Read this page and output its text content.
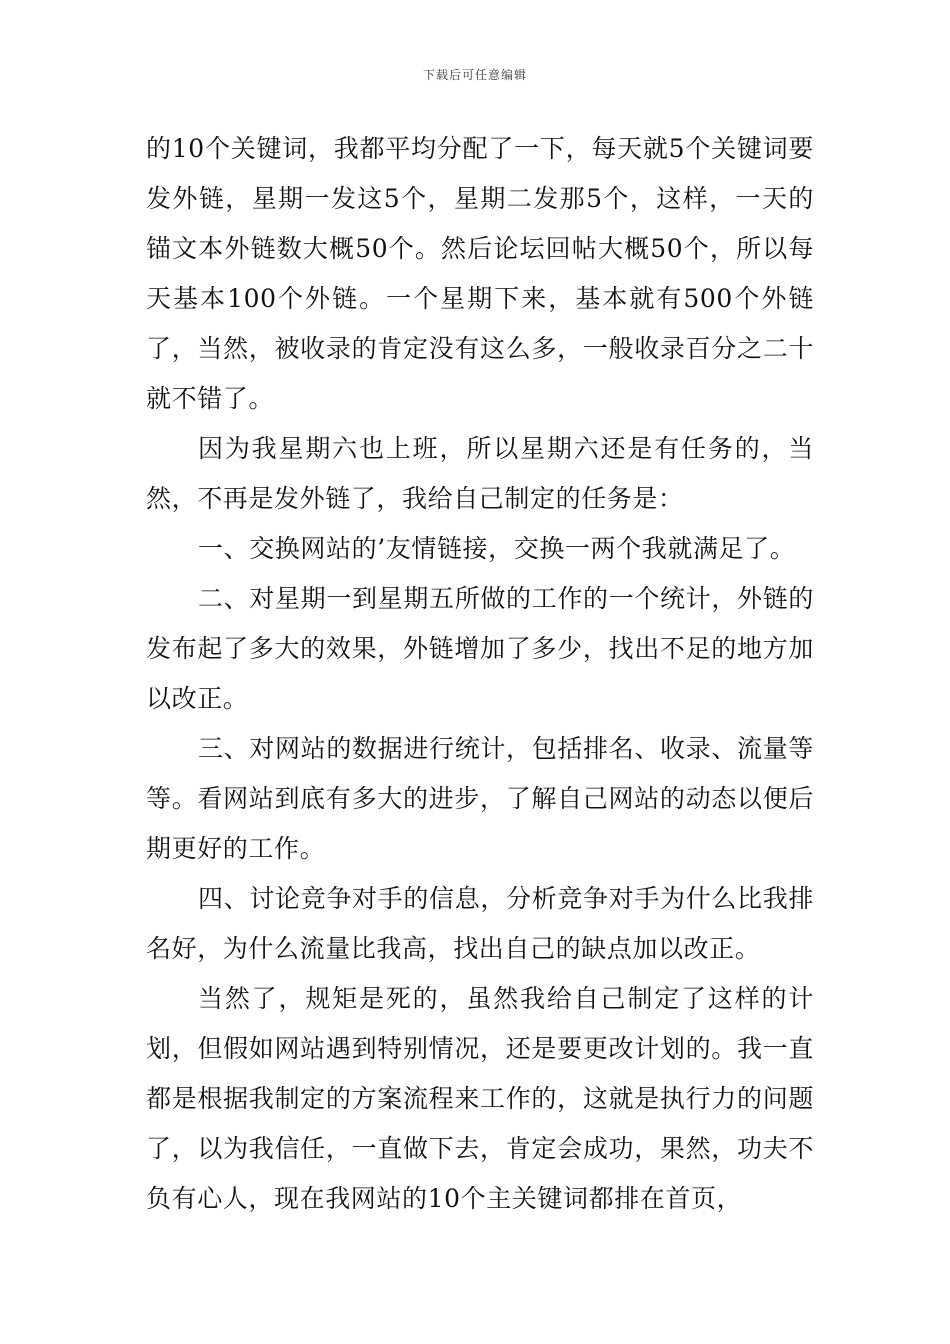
下载后可任意编辑

的10个关键词，我都平均分配了一下，每天就5个关键词要发外链，星期一发这5个，星期二发那5个，这样，一天的锚文本外链数大概50个。然后论坛回帖大概50个，所以每天基本100个外链。一个星期下来，基本就有500个外链了，当然，被收录的肯定没有这么多，一般收录百分之二十就不错了。

因为我星期六也上班，所以星期六还是有任务的，当然，不再是发外链了，我给自己制定的任务是：

一、交换网站的’友情链接，交换一两个我就满足了。

二、对星期一到星期五所做的工作的一个统计，外链的发布起了多大的效果，外链增加了多少，找出不足的地方加以改正。

三、对网站的数据进行统计，包括排名、收录、流量等等。看网站到底有多大的进步，了解自己网站的动态以便后期更好的工作。

四、讨论竞争对手的信息，分析竞争对手为什么比我排名好，为什么流量比我高，找出自己的缺点加以改正。

当然了，规矩是死的，虽然我给自己制定了这样的计划，但假如网站遇到特别情况，还是要更改计划的。我一直都是根据我制定的方案流程来工作的，这就是执行力的问题了，以为我信任，一直做下去，肯定会成功，果然，功夫不负有心人，现在我网站的10个主关键词都排在首页，
